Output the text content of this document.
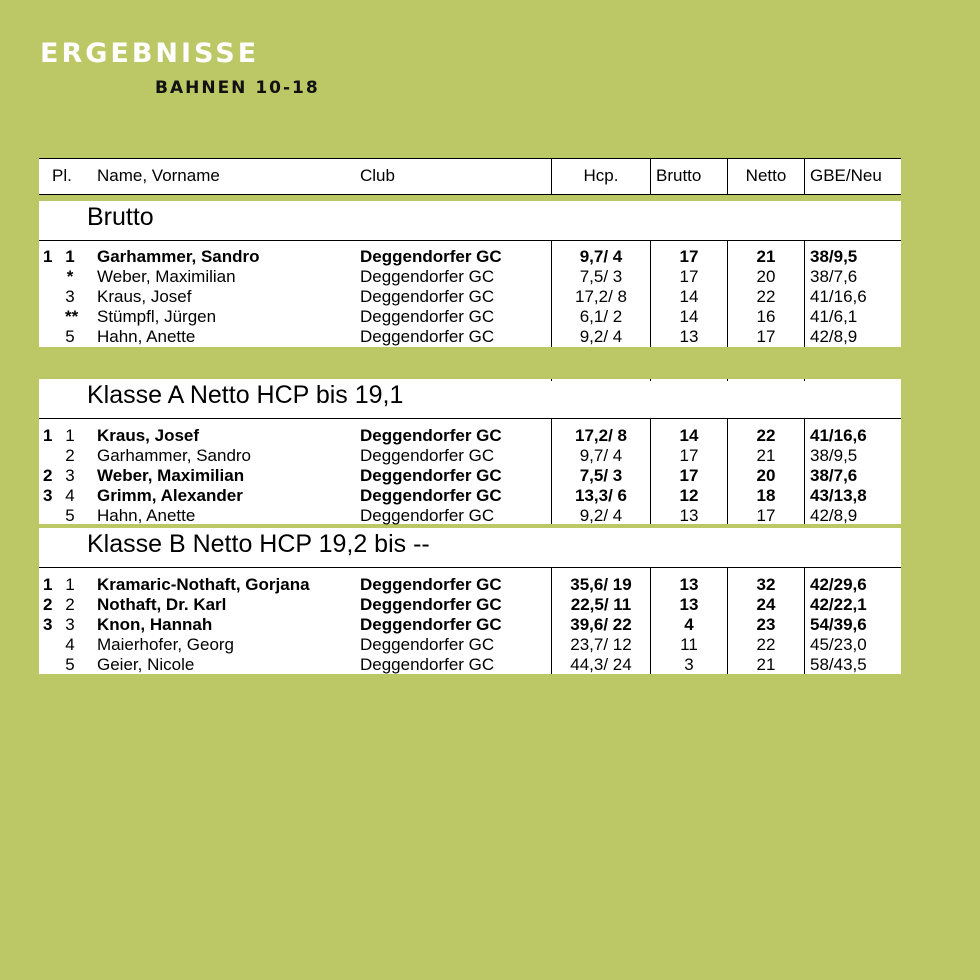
ERGEBNISSE
BAHNEN 10-18
Pl. Name, Vorname	Club	Hcp.	Brutto	Netto	GBE/Neu
Brutto
1 1 Garhammer, Sandro	Deggendorfer GC	9,7/ 4	17	21	38/9,5
* Weber, Maximilian	Deggendorfer GC	7,5/ 3	17	20	38/7,6
3 Kraus, Josef	Deggendorfer GC	17,2/ 8	14	22	41/16,6
** Stümpfl, Jürgen	Deggendorfer GC	6,1/ 2	14	16	41/6,1
5 Hahn, Anette	Deggendorfer GC	9,2/ 4	13	17	42/8,9
Klasse A Netto HCP bis 19,1
1 1 Kraus, Josef	Deggendorfer GC	17,2/ 8	14	22	41/16,6
2 Garhammer, Sandro	Deggendorfer GC	9,7/ 4	17	21	38/9,5
2 3 Weber, Maximilian	Deggendorfer GC	7,5/ 3	17	20	38/7,6
3 4 Grimm, Alexander	Deggendorfer GC	13,3/ 6	12	18	43/13,8
5 Hahn, Anette	Deggendorfer GC	9,2/ 4	13	17	42/8,9
Klasse B Netto HCP 19,2 bis --
1 1 Kramaric-Nothaft, Gorjana	Deggendorfer GC	35,6/ 19	13	32	42/29,6
2 2 Nothaft, Dr. Karl	Deggendorfer GC	22,5/ 11	13	24	42/22,1
3 3 Knon, Hannah	Deggendorfer GC	39,6/ 22	4	23	54/39,6
4 Maierhofer, Georg	Deggendorfer GC	23,7/ 12	11	22	45/23,0
5 Geier, Nicole	Deggendorfer GC	44,3/ 24	3	21	58/43,5
